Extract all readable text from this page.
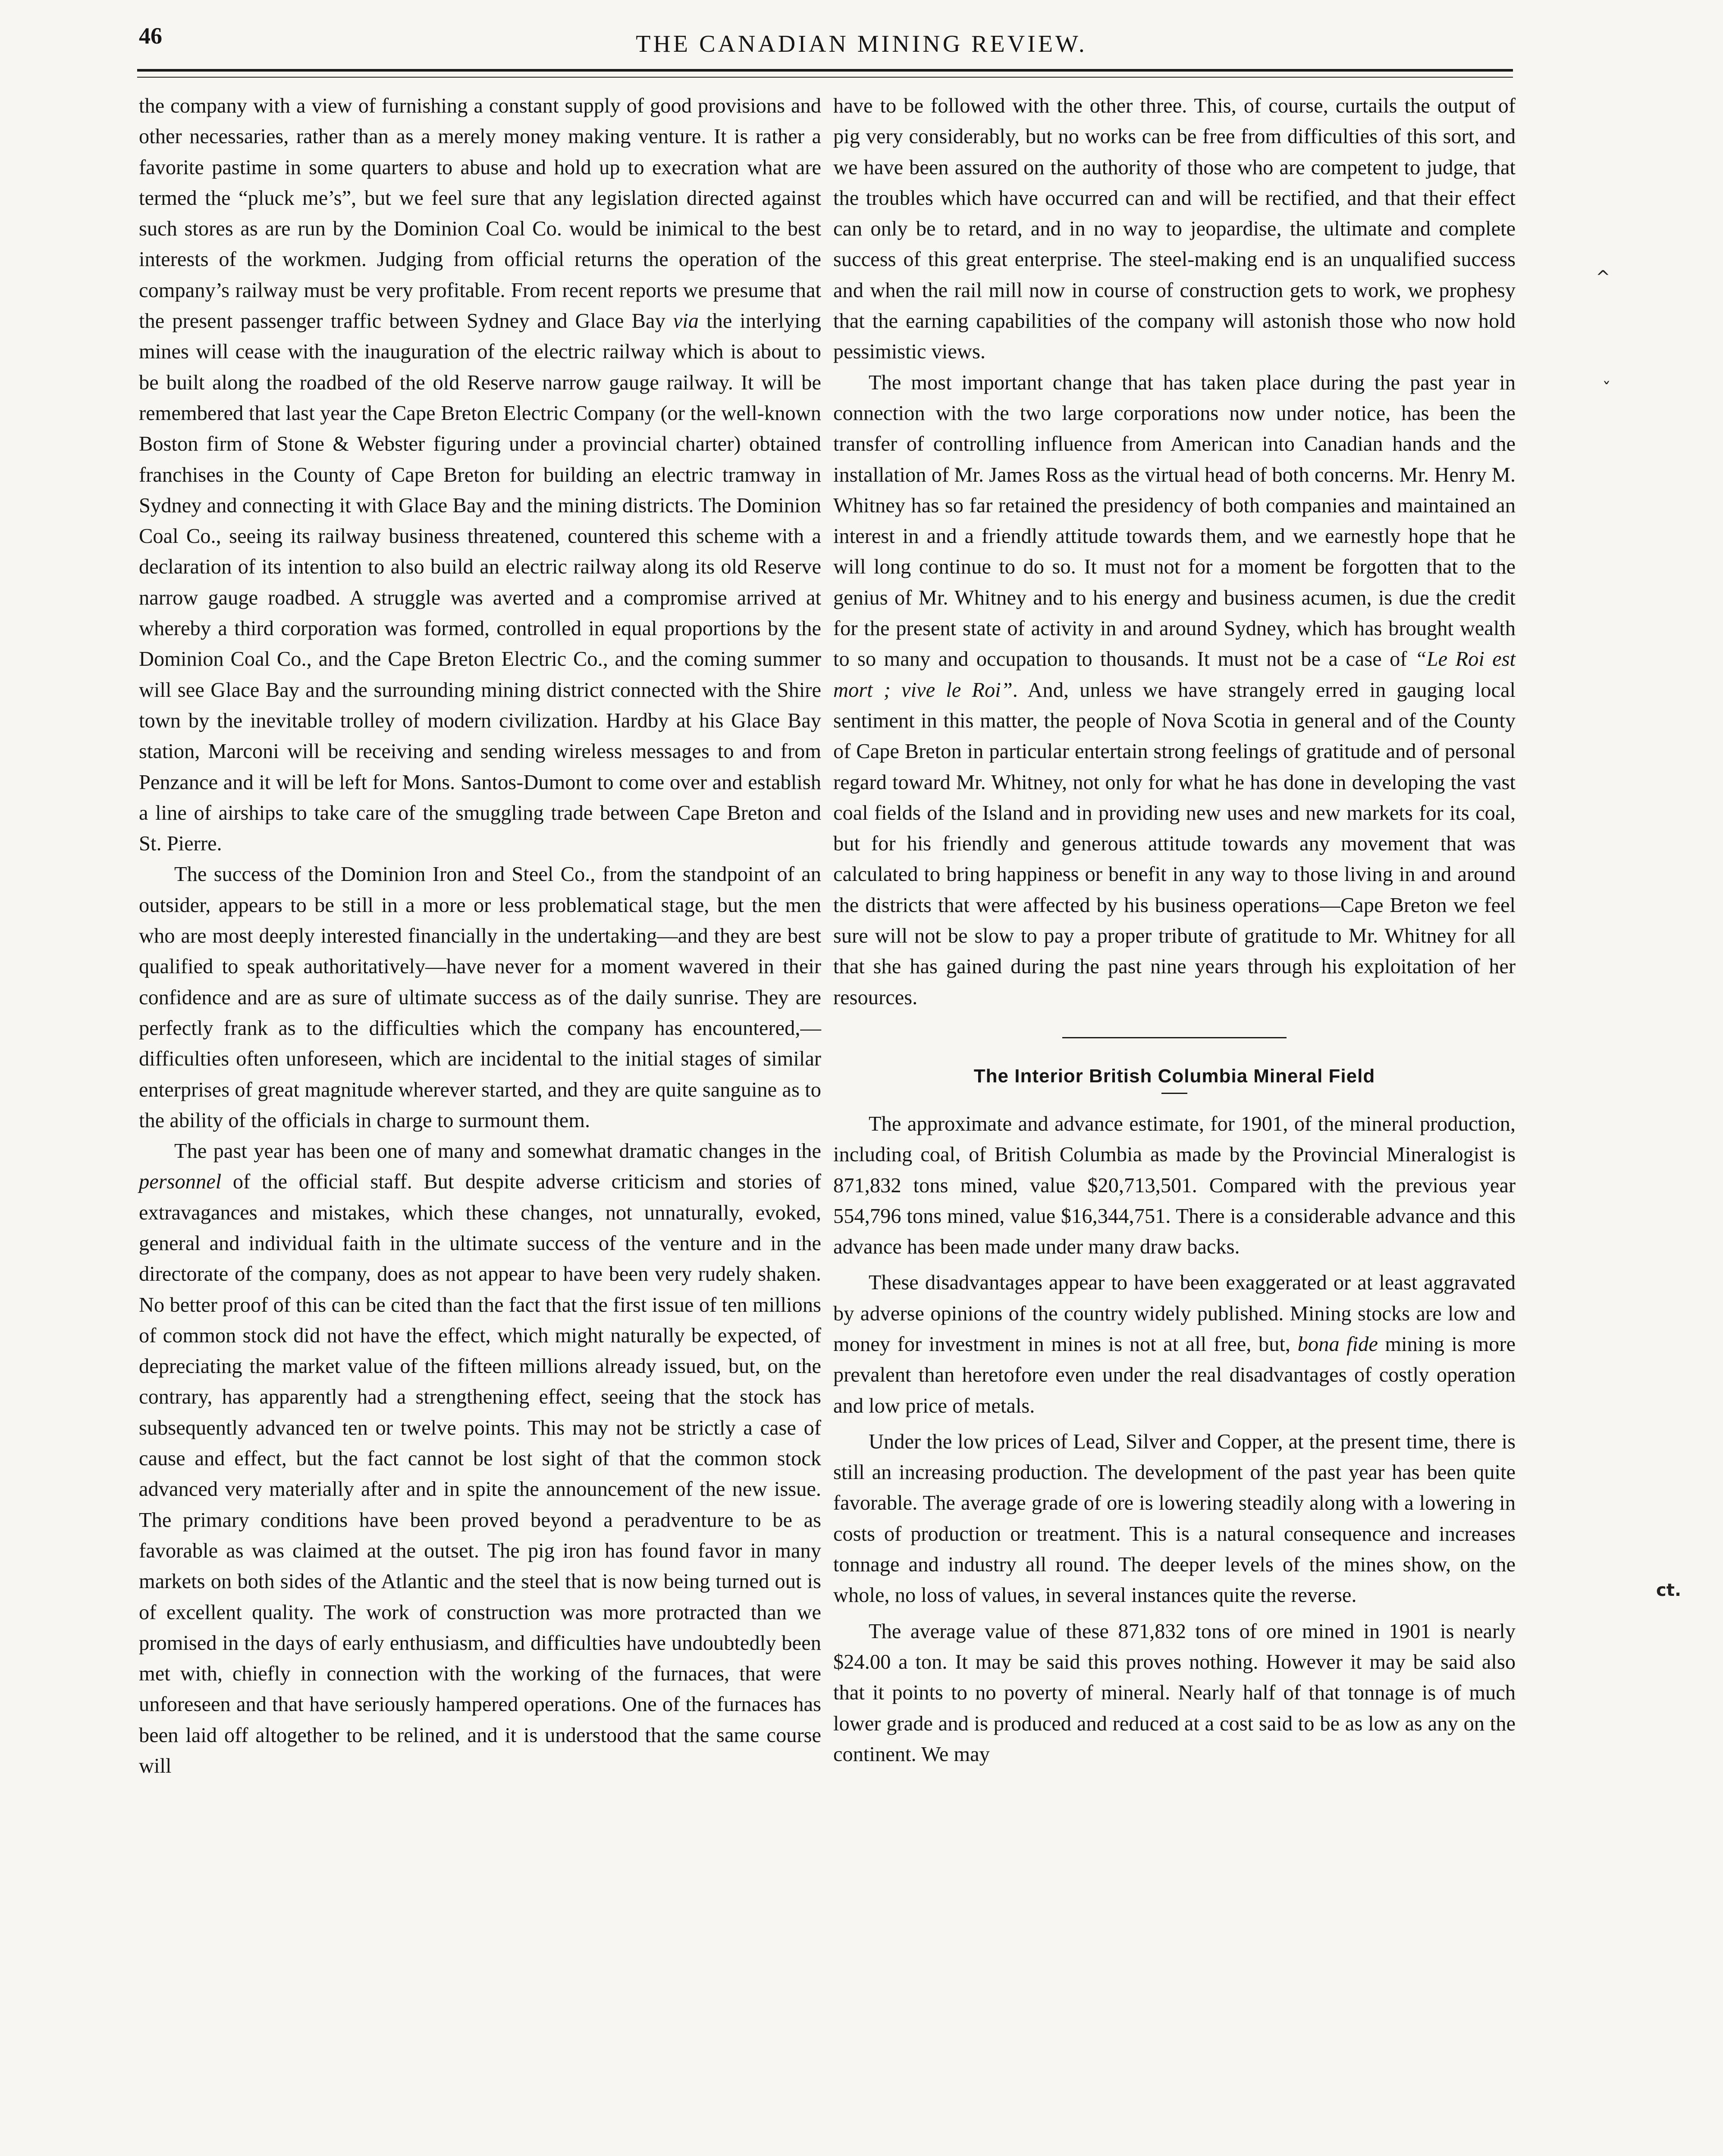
46	THE CANADIAN MINING REVIEW.

the company with a view of furnishing a constant supply of good provisions and other necessaries, rather than as a merely money making venture. It is rather a favorite pastime in some quarters to abuse and hold up to execration what are termed the “pluck me’s”, but we feel sure that any legislation directed against such stores as are run by the Dominion Coal Co. would be inimical to the best interests of the workmen. Judging from official returns the operation of the company’s railway must be very profitable. From recent reports we presume that the present passenger traffic between Sydney and Glace Bay via the interlying mines will cease with the inauguration of the electric railway which is about to be built along the roadbed of the old Reserve narrow gauge railway. It will be remembered that last year the Cape Breton Electric Company (or the well-known Boston firm of Stone & Webster figuring under a provincial charter) obtained franchises in the County of Cape Breton for building an electric tramway in Sydney and connecting it with Glace Bay and the mining districts. The Dominion Coal Co., seeing its railway business threatened, countered this scheme with a declaration of its intention to also build an electric railway along its old Reserve narrow gauge roadbed. A struggle was averted and a compromise arrived at whereby a third corporation was formed, controlled in equal proportions by the Dominion Coal Co., and the Cape Breton Electric Co., and the coming summer will see Glace Bay and the surrounding mining district connected with the Shire town by the inevitable trolley of modern civilization. Hardby at his Glace Bay station, Marconi will be receiving and sending wireless messages to and from Penzance and it will be left for Mons. Santos-Dumont to come over and establish a line of airships to take care of the smuggling trade between Cape Breton and St. Pierre.

The success of the Dominion Iron and Steel Co., from the standpoint of an outsider, appears to be still in a more or less problematical stage, but the men who are most deeply interested financially in the undertaking—and they are best qualified to speak authoritatively—have never for a moment wavered in their confidence and are as sure of ultimate success as of the daily sunrise. They are perfectly frank as to the difficulties which the company has encountered,—difficulties often unforeseen, which are incidental to the initial stages of similar enterprises of great magnitude wherever started, and they are quite sanguine as to the ability of the officials in charge to surmount them.

The past year has been one of many and somewhat dramatic changes in the personnel of the official staff. But despite adverse criticism and stories of extravagances and mistakes, which these changes, not unnaturally, evoked, general and individual faith in the ultimate success of the venture and in the directorate of the company, does as not appear to have been very rudely shaken. No better proof of this can be cited than the fact that the first issue of ten millions of common stock did not have the effect, which might naturally be expected, of depreciating the market value of the fifteen millions already issued, but, on the contrary, has apparently had a strengthening effect, seeing that the stock has subsequently advanced ten or twelve points. This may not be strictly a case of cause and effect, but the fact cannot be lost sight of that the common stock advanced very materially after and in spite the announcement of the new issue. The primary conditions have been proved beyond a peradventure to be as favorable as was claimed at the outset. The pig iron has found favor in many markets on both sides of the Atlantic and the steel that is now being turned out is of excellent quality. The work of construction was more protracted than we promised in the days of early enthusiasm, and difficulties have undoubtedly been met with, chiefly in connection with the working of the furnaces, that were unforeseen and that have seriously hampered operations. One of the furnaces has been laid off altogether to be relined, and it is understood that the same course will

have to be followed with the other three. This, of course, curtails the output of pig very considerably, but no works can be free from difficulties of this sort, and we have been assured on the authority of those who are competent to judge, that the troubles which have occurred can and will be rectified, and that their effect can only be to retard, and in no way to jeopardise, the ultimate and complete success of this great enterprise. The steel-making end is an unqualified success and when the rail mill now in course of construction gets to work, we prophesy that the earning capabilities of the company will astonish those who now hold pessimistic views.

The most important change that has taken place during the past year in connection with the two large corporations now under notice, has been the transfer of controlling influence from American into Canadian hands and the installation of Mr. James Ross as the virtual head of both concerns. Mr. Henry M. Whitney has so far retained the presidency of both companies and maintained an interest in and a friendly attitude towards them, and we earnestly hope that he will long continue to do so. It must not for a moment be forgotten that to the genius of Mr. Whitney and to his energy and business acumen, is due the credit for the present state of activity in and around Sydney, which has brought wealth to so many and occupation to thousands. It must not be a case of “Le Roi est mort ; vive le Roi”. And, unless we have strangely erred in gauging local sentiment in this matter, the people of Nova Scotia in general and of the County of Cape Breton in particular entertain strong feelings of gratitude and of personal regard toward Mr. Whitney, not only for what he has done in developing the vast coal fields of the Island and in providing new uses and new markets for its coal, but for his friendly and generous attitude towards any movement that was calculated to bring happiness or benefit in any way to those living in and around the districts that were affected by his business operations—Cape Breton we feel sure will not be slow to pay a proper tribute of gratitude to Mr. Whitney for all that she has gained during the past nine years through his exploitation of her resources.

The Interior British Columbia Mineral Field

The approximate and advance estimate, for 1901, of the mineral production, including coal, of British Columbia as made by the Provincial Mineralogist is 871,832 tons mined, value $20,713,501. Compared with the previous year 554,796 tons mined, value $16,344,751. There is a considerable advance and this advance has been made under many draw backs.

These disadvantages appear to have been exaggerated or at least aggravated by adverse opinions of the country widely published. Mining stocks are low and money for investment in mines is not at all free, but, bona fide mining is more prevalent than heretofore even under the real disadvantages of costly operation and low price of metals.

Under the low prices of Lead, Silver and Copper, at the present time, there is still an increasing production. The development of the past year has been quite favorable. The average grade of ore is lowering steadily along with a lowering in costs of production or treatment. This is a natural consequence and increases tonnage and industry all round. The deeper levels of the mines show, on the whole, no loss of values, in several instances quite the reverse.

The average value of these 871,832 tons of ore mined in 1901 is nearly $24.00 a ton. It may be said this proves nothing. However it may be said also that it points to no poverty of mineral. Nearly half of that tonnage is of much lower grade and is produced and reduced at a cost said to be as low as any on the continent. We may

^
ˇ
ct.
